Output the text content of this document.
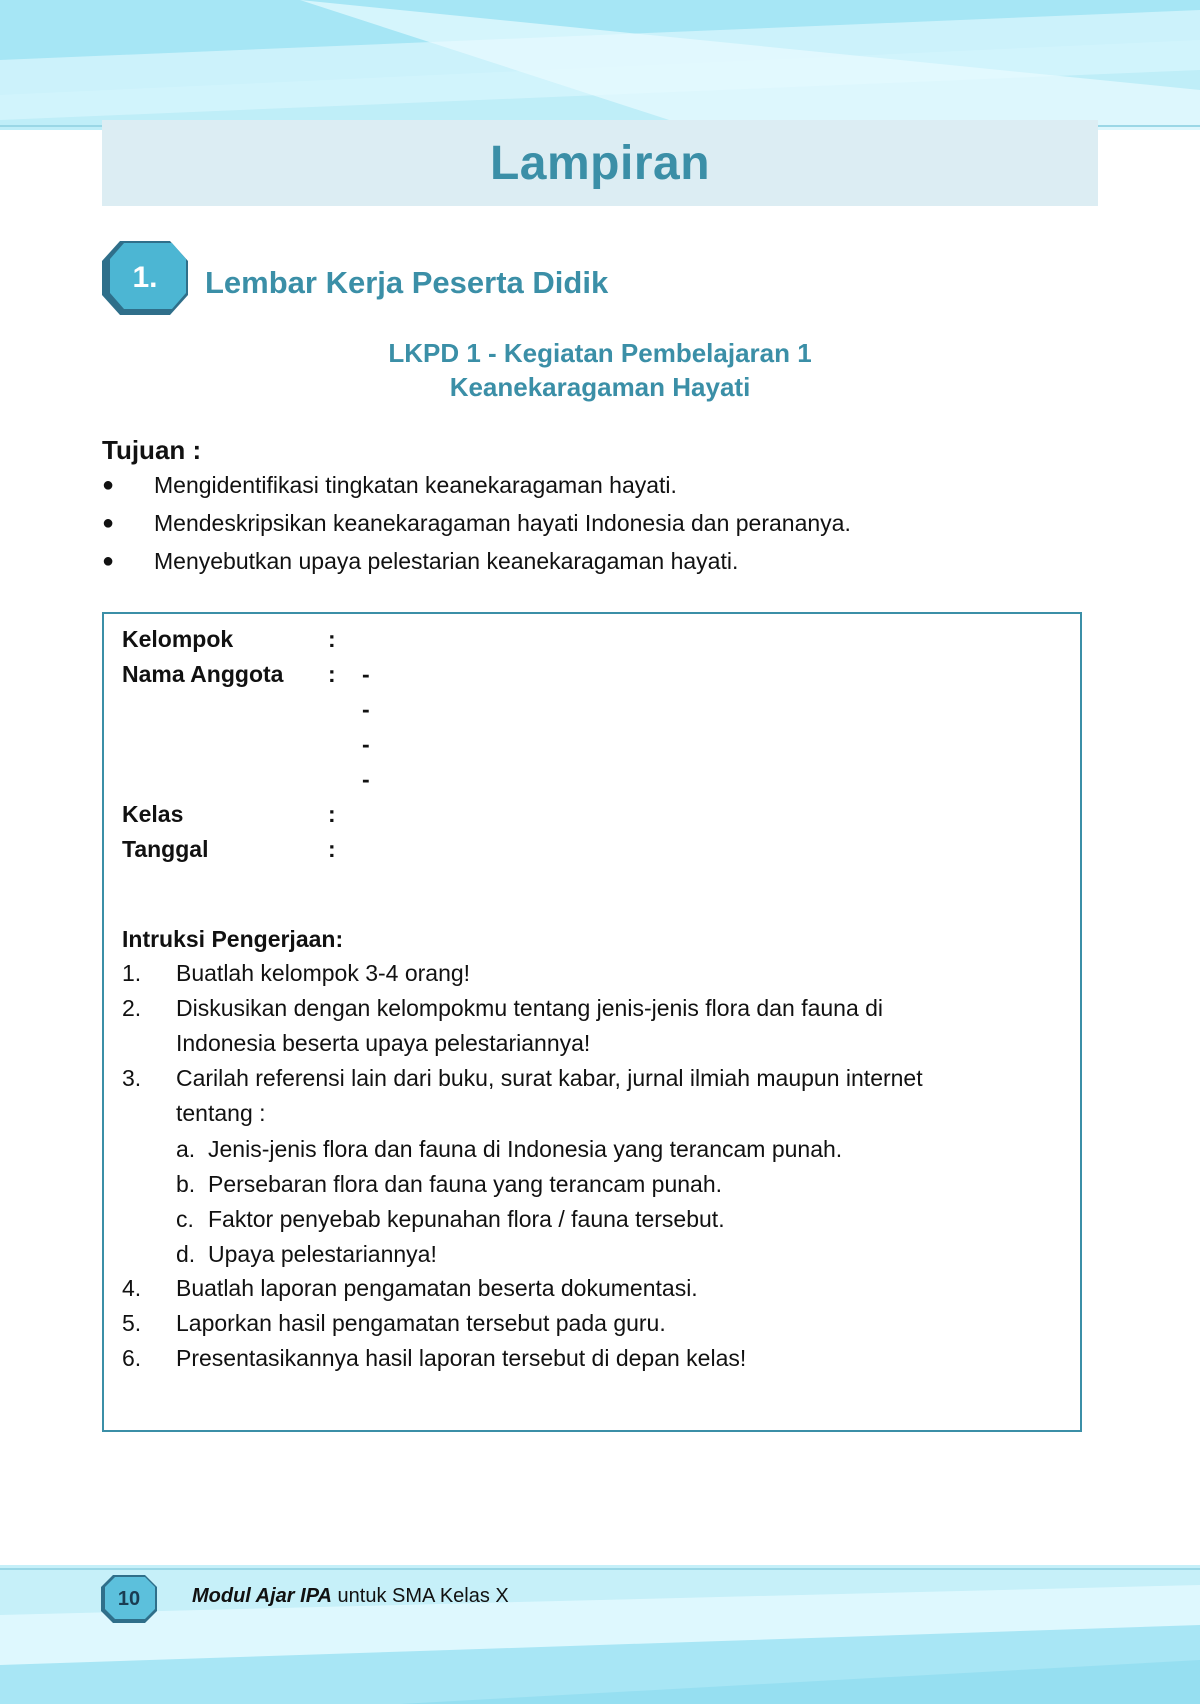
Lampiran
1.	Lembar Kerja Peserta Didik
LKPD 1 - Kegiatan Pembelajaran 1
Keanekaragaman Hayati
Tujuan :
● Mengidentifikasi tingkatan keanekaragaman hayati.
● Mendeskripsikan keanekaragaman hayati Indonesia dan perananya.
● Menyebutkan upaya pelestarian keanekaragaman hayati.
Kelompok	:
Nama Anggota : -
-
-
-
Kelas	:
Tanggal	:
Intruksi Pengerjaan:
1. Buatlah kelompok 3-4 orang!
2. Diskusikan dengan kelompokmu tentang jenis-jenis flora dan fauna di
Indonesia beserta upaya pelestariannya!
3. Carilah referensi lain dari buku, surat kabar, jurnal ilmiah maupun internet
tentang :
a. Jenis-jenis flora dan fauna di Indonesia yang terancam punah.
b. Persebaran flora dan fauna yang terancam punah.
c. Faktor penyebab kepunahan flora / fauna tersebut.
d. Upaya pelestariannya!
4. Buatlah laporan pengamatan beserta dokumentasi.
5. Laporkan hasil pengamatan tersebut pada guru.
6. Presentasikannya hasil laporan tersebut di depan kelas!
10	Modul Ajar IPA untuk SMA Kelas X
